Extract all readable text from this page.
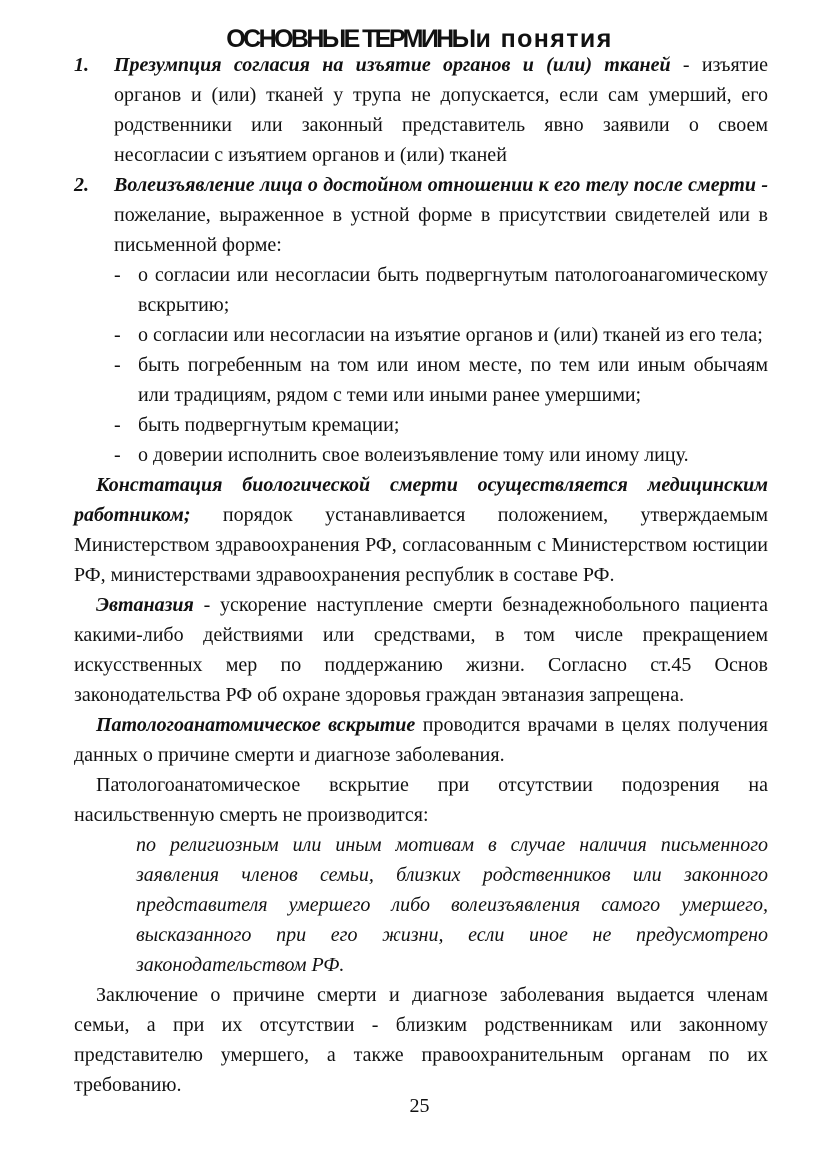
ОСНОВНЫЕ ТЕРМИНЫи понятия
1.	Презумпция согласия на изъятие органов и (или) тканей - изъятие органов и (или) тканей у трупа не допускается, если сам умерший, его родственники или законный представитель явно заявили о своем несогласии с изъятием органов и (или) тканей
2.	Волеизъявление лица о достойном отношении к его телу после смерти - пожелание, выраженное в устной форме в присутствии свидетелей или в письменной форме:
- о согласии или несогласии быть подвергнутым патологоанагомическому вскрытию;
- о согласии или несогласии на изъятие органов и (или) тканей из его тела;
- быть погребенным на том или ином месте, по тем или иным обычаям или традициям, рядом с теми или иными ранее умершими;
- быть подвергнутым кремации;
- о доверии исполнить свое волеизъявление тому или иному лицу.

Констатация биологической смерти осуществляется медицинским работником; порядок устанавливается положением, утверждаемым Министерством здравоохранения РФ, согласованным с Министерством юстиции РФ, министерствами здравоохранения республик в составе РФ.

Эвтаназия - ускорение наступление смерти безнадежнобольного пациента какими-либо действиями или средствами, в том числе прекращением искусственных мер по поддержанию жизни. Согласно ст.45 Основ законодательства РФ об охране здоровья граждан эвтаназия запрещена.

Патологоанатомическое вскрытие проводится врачами в целях получения данных о причине смерти и диагнозе заболевания.

Патологоанатомическое вскрытие при отсутствии подозрения на насильственную смерть не производится:

по религиозным или иным мотивам в случае наличия письменного заявления членов семьи, близких родственников или законного представителя умершего либо волеизъявления самого умершего, высказанного при его жизни, если иное не предусмотрено законодательством РФ.

Заключение о причине смерти и диагнозе заболевания выдается членам семьи, а при их отсутствии - близким родственникам или законному представителю умершего, а также правоохранительным органам по их требованию.

25
